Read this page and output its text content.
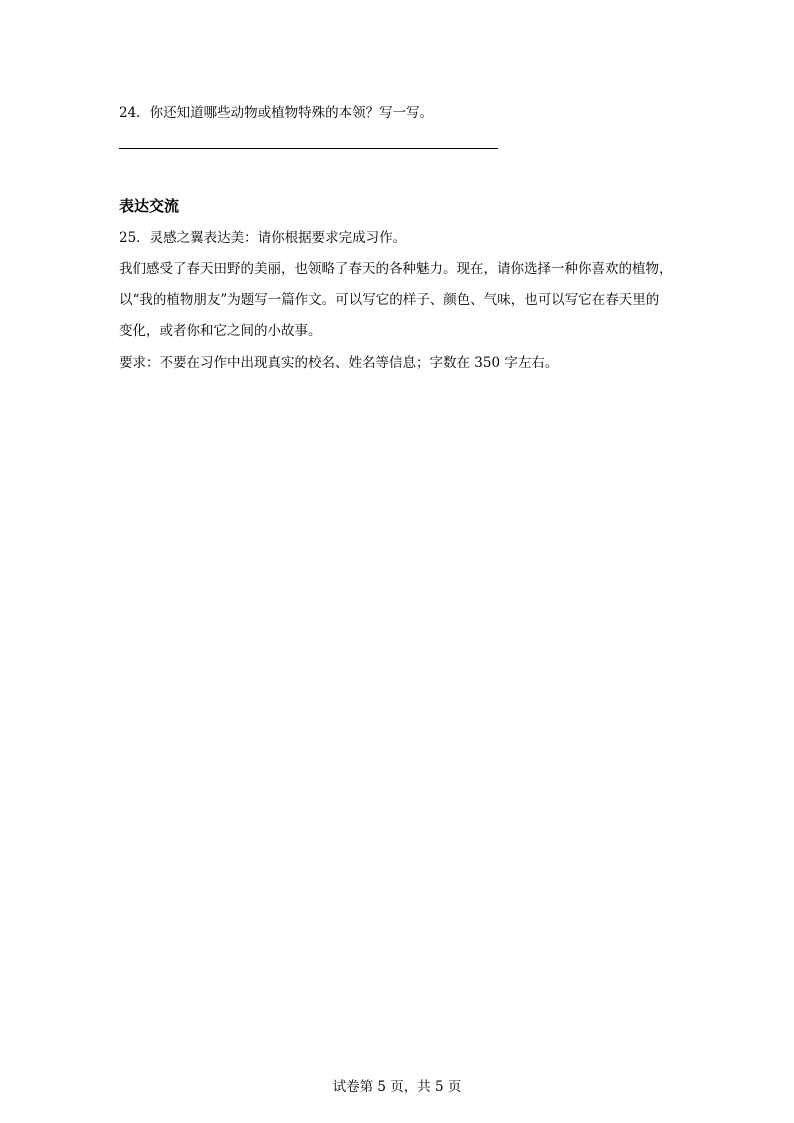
24．你还知道哪些动物或植物特殊的本领？写一写。
表达交流
25．灵感之翼表达美：请你根据要求完成习作。
我们感受了春天田野的美丽，也领略了春天的各种魅力。现在，请你选择一种你喜欢的植物，
以“我的植物朋友”为题写一篇作文。可以写它的样子、颜色、气味，也可以写它在春天里的
变化，或者你和它之间的小故事。
要求：不要在习作中出现真实的校名、姓名等信息；字数在 350 字左右。
试卷第 5 页，共 5 页
